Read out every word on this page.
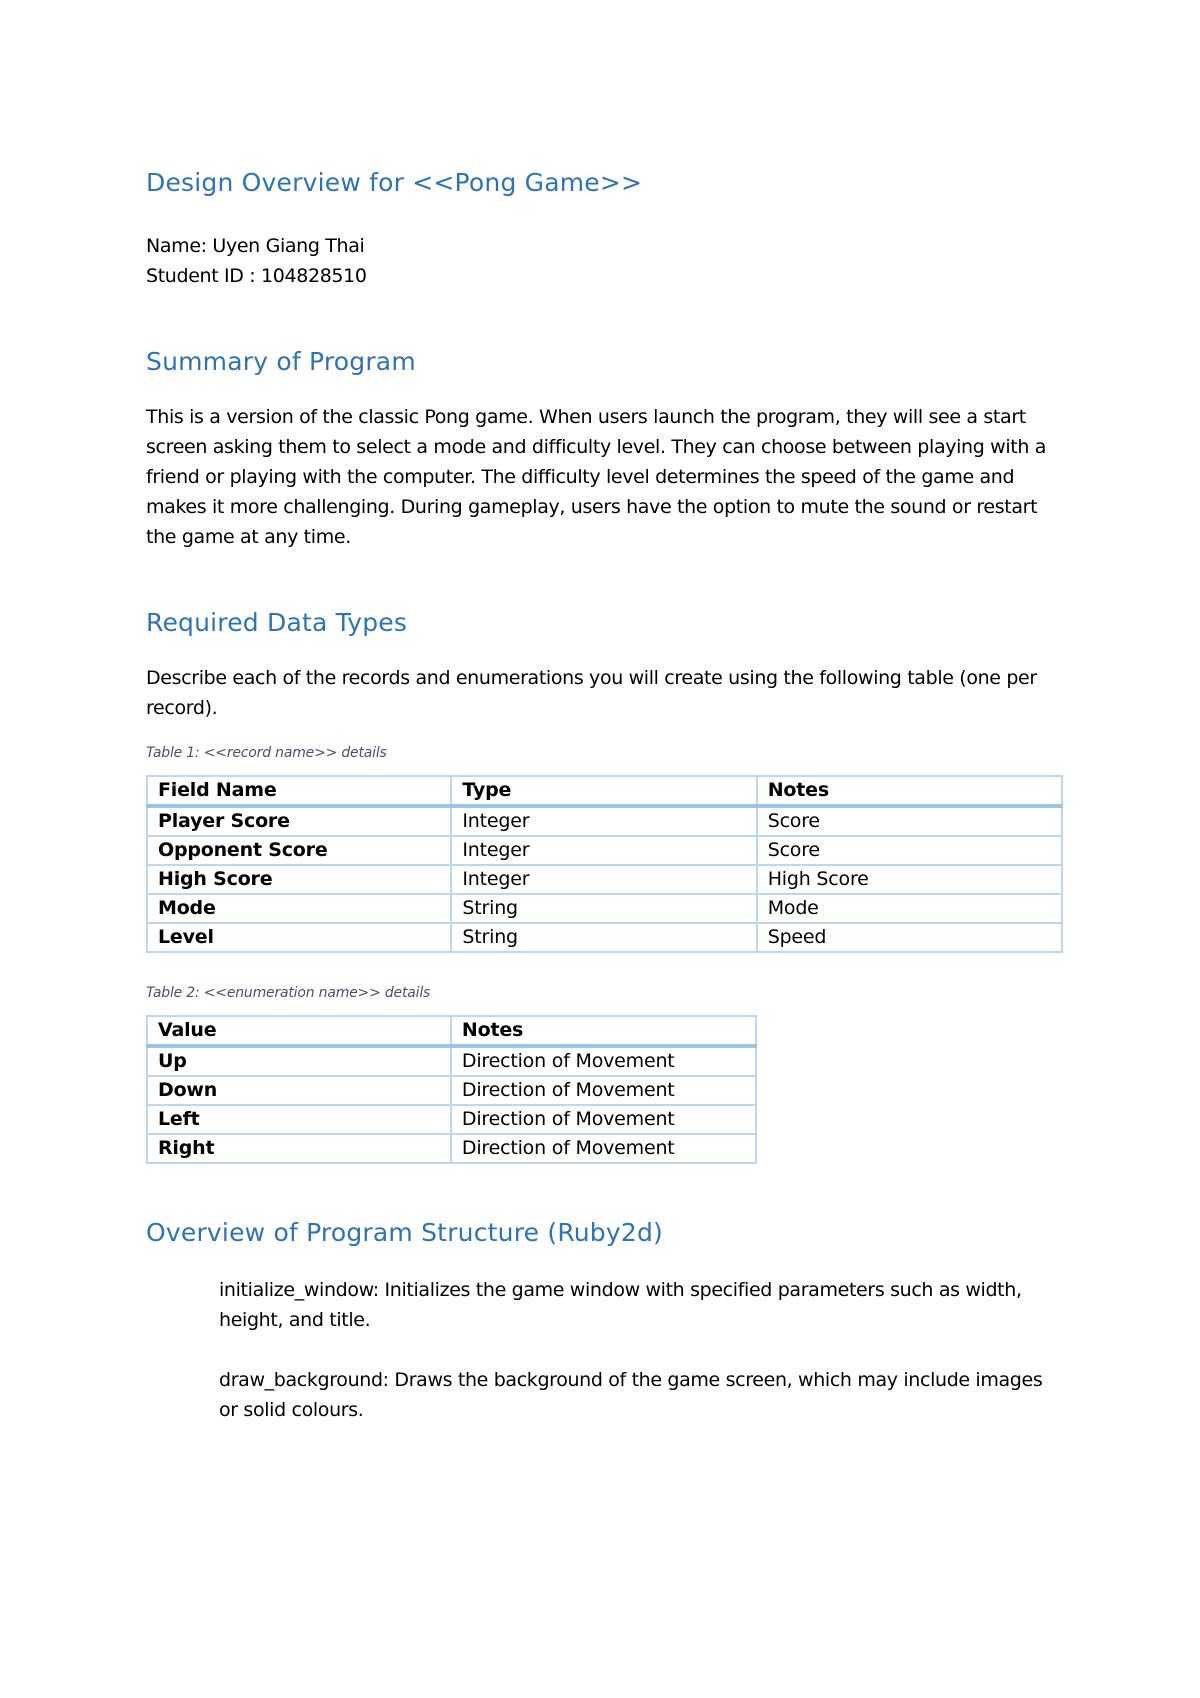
Design Overview for <<Pong Game>>
Name: Uyen Giang Thai
Student ID : 104828510
Summary of Program

This is a version of the classic Pong game. When users launch the program, they will see a start screen asking them to select a mode and difficulty level. They can choose between playing with a friend or playing with the computer. The difficulty level determines the speed of the game and makes it more challenging. During gameplay, users have the option to mute the sound or restart the game at any time.

Required Data Types

Describe each of the records and enumerations you will create using the following table (one per record).

Table 1: <<record name>> details

Field Name	Type	Notes
Player Score	Integer	Score
Opponent Score	Integer	Score
High Score	Integer	High Score
Mode	String	Mode
Level	String	Speed

Table 2: <<enumeration name>> details

Value	Notes
Up	Direction of Movement
Down	Direction of Movement
Left	Direction of Movement
Right	Direction of Movement
Overview of Program Structure (Ruby2d)

initialize_window: Initializes the game window with specified parameters such as width, height, and title.

draw_background: Draws the background of the game screen, which may include images or solid colours.
